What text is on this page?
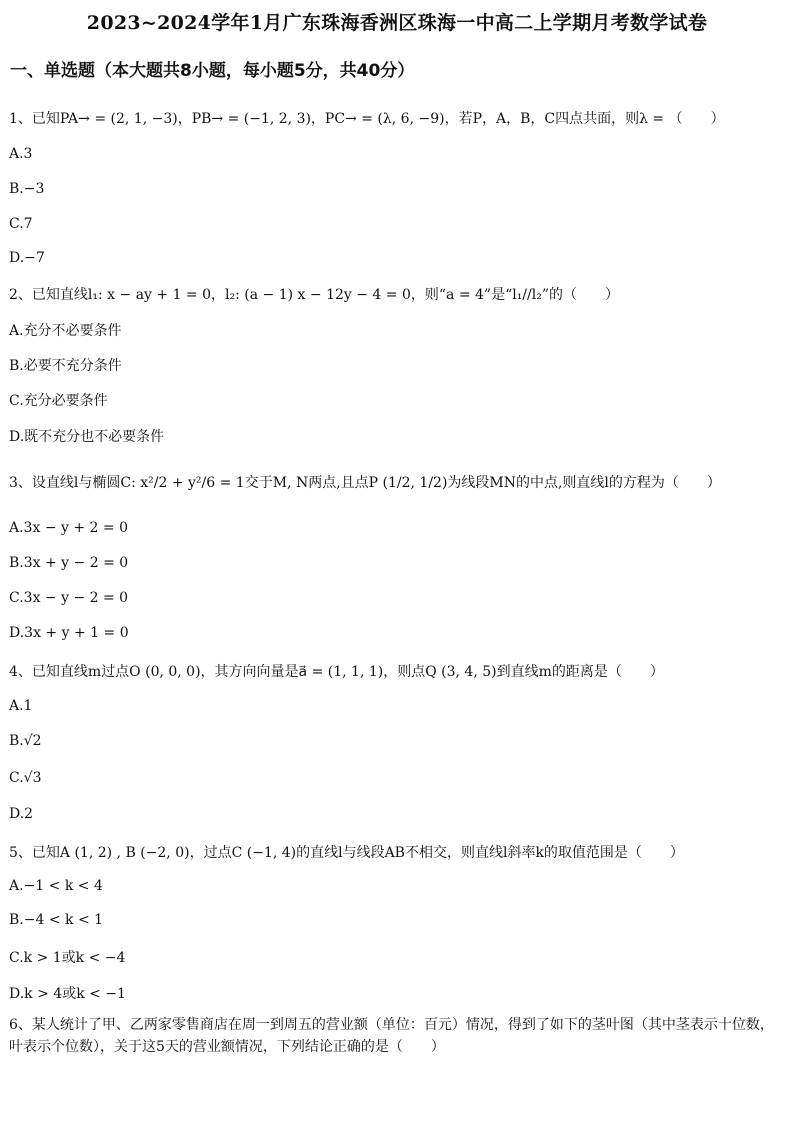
2023~2024学年1月广东珠海香洲区珠海一中高二上学期月考数学试卷
一、单选题（本大题共8小题，每小题5分，共40分）
1、已知PA→ = (2, 1, −3)，PB→ = (−1, 2, 3)，PC→ = (λ, 6, −9)，若P，A，B，C四点共面，则λ = （　　）
A.3
B.−3
C.7
D.−7
2、已知直线l₁: x − ay + 1 = 0，l₂: (a − 1) x − 12y − 4 = 0，则“a = 4”是“l₁//l₂”的（　　）
A.充分不必要条件
B.必要不充分条件
C.充分必要条件
D.既不充分也不必要条件
3、设直线l与椭圆C: x²/2 + y²/6 = 1交于M, N两点,且点P (1/2, 1/2)为线段MN的中点,则直线l的方程为（　　）
A.3x − y + 2 = 0
B.3x + y − 2 = 0
C.3x − y − 2 = 0
D.3x + y + 1 = 0
4、已知直线m过点O (0, 0, 0)，其方向向量是a⃗ = (1, 1, 1)，则点Q (3, 4, 5)到直线m的距离是（　　）
A.1
B.√2
C.√3
D.2
5、已知A (1, 2) , B (−2, 0)，过点C (−1, 4)的直线l与线段AB不相交，则直线l斜率k的取值范围是（　　）
A.−1 < k < 4
B.−4 < k < 1
C.k > 1或k < −4
D.k > 4或k < −1
6、某人统计了甲、乙两家零售商店在周一到周五的营业额（单位：百元）情况，得到了如下的茎叶图（其中茎表示十位数，叶表示个位数），关于这5天的营业额情况，下列结论正确的是（　　）
